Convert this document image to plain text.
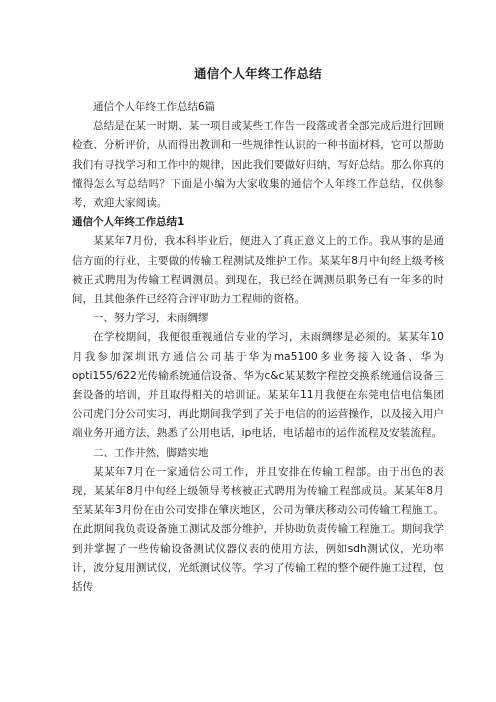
通信个人年终工作总结

通信个人年终工作总结6篇

总结是在某一时期、某一项目或某些工作告一段落或者全部完成后进行回顾检查、分析评价，从而得出教训和一些规律性认识的一种书面材料，它可以帮助我们有寻找学习和工作中的规律，因此我们要做好归纳，写好总结。那么你真的懂得怎么写总结吗？下面是小编为大家收集的通信个人年终工作总结，仅供参考，欢迎大家阅读。

通信个人年终工作总结1

某某年7月份，我本科毕业后，便进入了真正意义上的工作。我从事的是通信方面的行业，主要做的传输工程测试及维护工作。某某年8月中旬经上级考核被正式聘用为传输工程调测员。到现在，我已经在调测员职务已有一年多的时间，且其他条件已经符合评审助力工程师的资格。

一、努力学习，未雨绸缪

在学校期间，我便很重视通信专业的学习，未雨绸缪是必须的。某某年10月我参加深圳讯方通信公司基于华为ma5100多业务接入设备、华为opti155/622光传输系统通信设备、华为c&c某某数字程控交换系统通信设备三套设备的培训，并且取得相关的培训证。某某年11月我便在东莞电信电信集团公司虎门分公司实习，再此期间我学到了关于电信的的运营操作，以及接入用户端业务开通方法，熟悉了公用电话，ip电话，电话超市的运作流程及安装流程。

二、工作井然，脚踏实地

某某年7月在一家通信公司工作，并且安排在传输工程部。由于出色的表现，某某年8月中旬经上级领导考核被正式聘用为传输工程部成员。某某年8月至某某年3月份在由公司安排在肇庆地区，公司为肇庆移动公司传输工程施工。在此期间我负责设备施工测试及部分维护，并协助负责传输工程施工。期间我学到并掌握了一些传输设备测试仪器仪表的使用方法，例如sdh测试仪，光功率计，波分复用测试仪，光纸测试仪等。学习了传输工程的整个硬件施工过程，包括传
